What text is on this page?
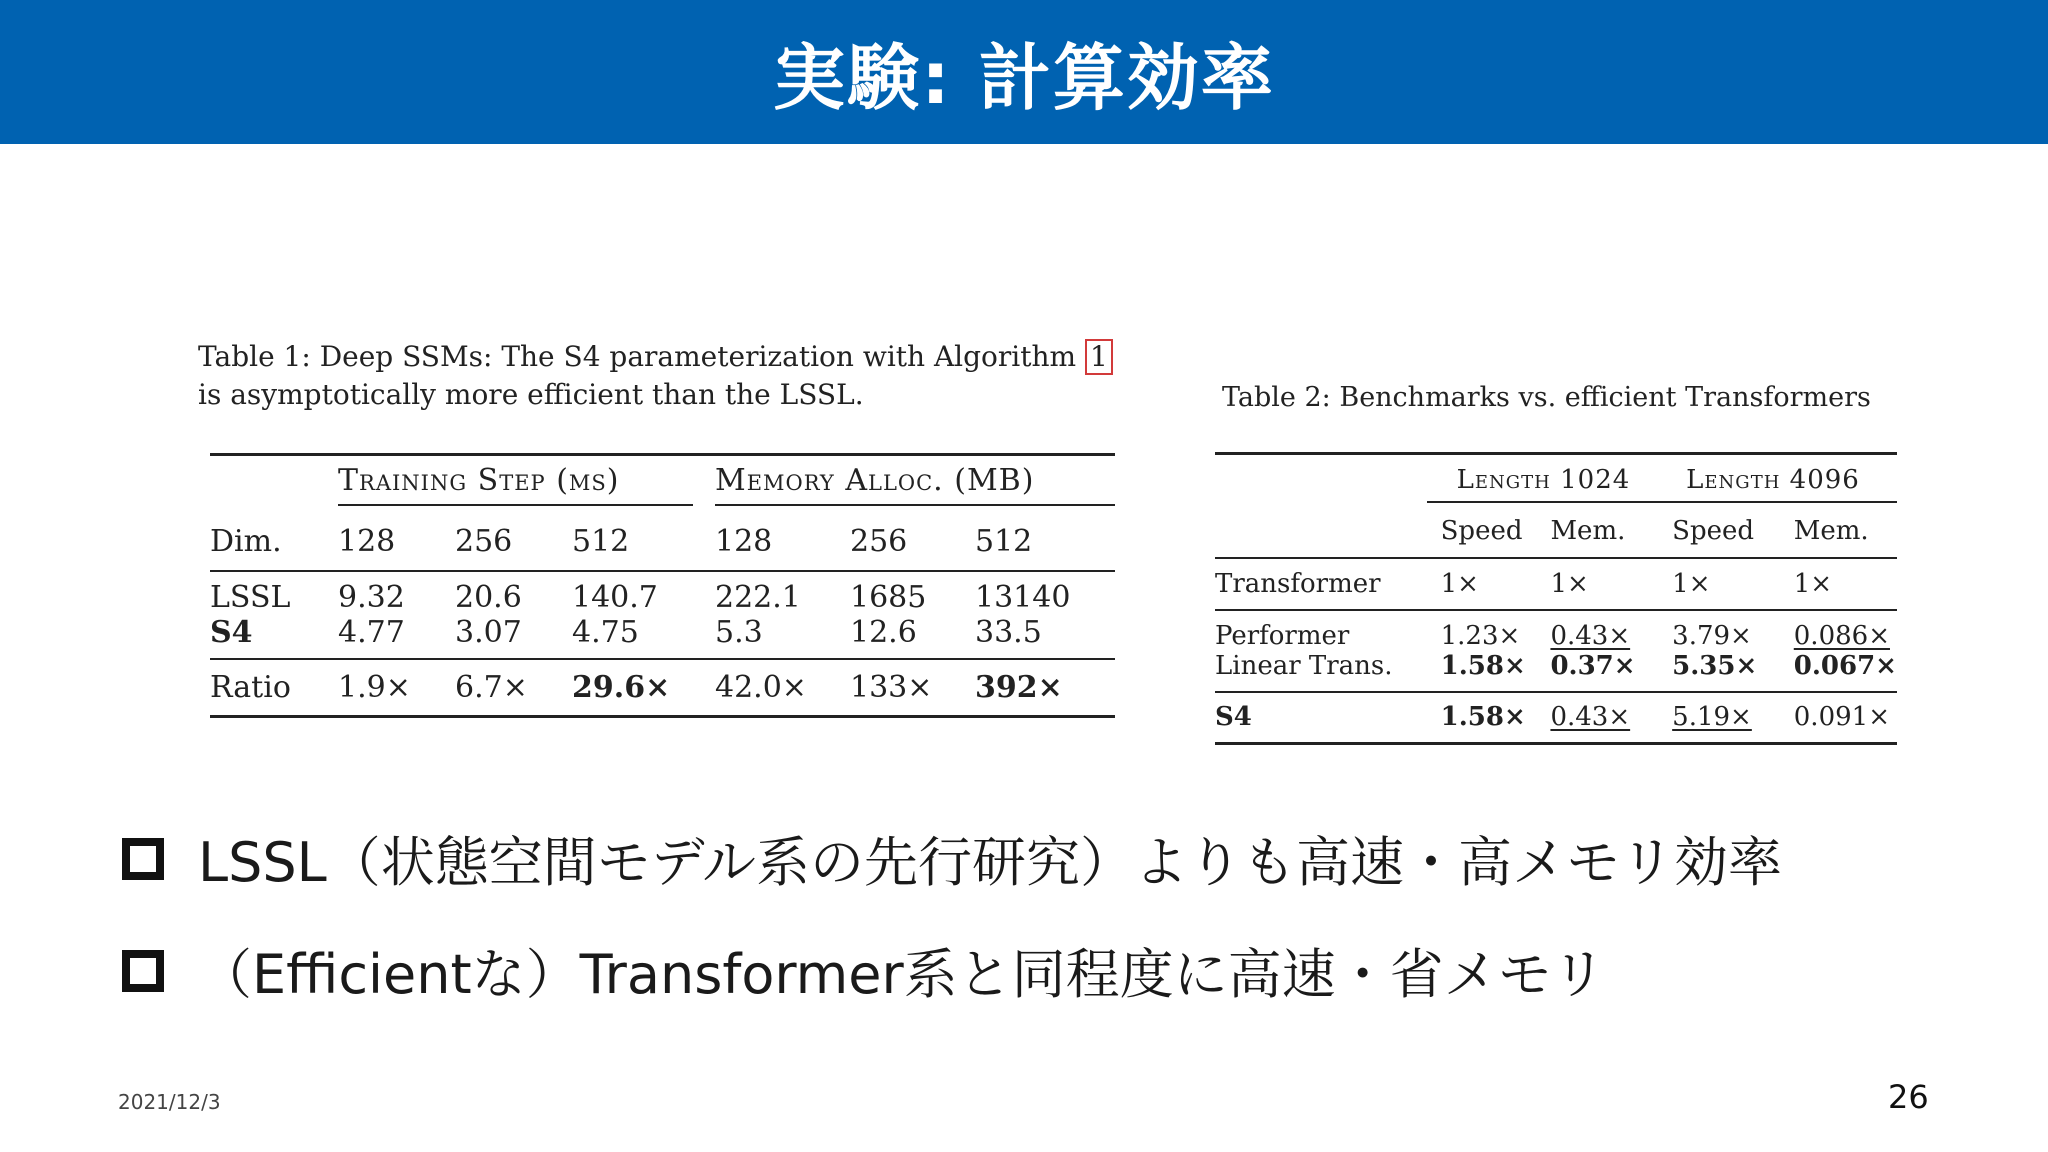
実験: 計算効率
Table 1: Deep SSMs: The S4 parameterization with Algorithm 1
is asymptotically more efficient than the LSSL.

	Training Step (ms)			Memory Alloc. (MB)		

Dim.	128	256	512	128	256	512
LSSL	9.32	20.6	140.7	222.1	1685	13140
S4	4.77	3.07	4.75	5.3	12.6	33.5
Ratio	1.9×	6.7×	29.6×	42.0×	133×	392×
Table 2: Benchmarks vs. efficient Transformers

	Length 1024		Length 4096	

	Speed	Mem.	Speed	Mem.
Transformer	1×	1×	1×	1×
Performer	1.23×	0.43×	3.79×	0.086×
Linear Trans.	1.58×	0.37×	5.35×	0.067×
S4	1.58×	0.43×	5.19×	0.091×
LSSL（状態空間モデル系の先行研究）よりも高速・高メモリ効率
（Efficientな）Transformer系と同程度に高速・省メモリ
2021/12/3	26
